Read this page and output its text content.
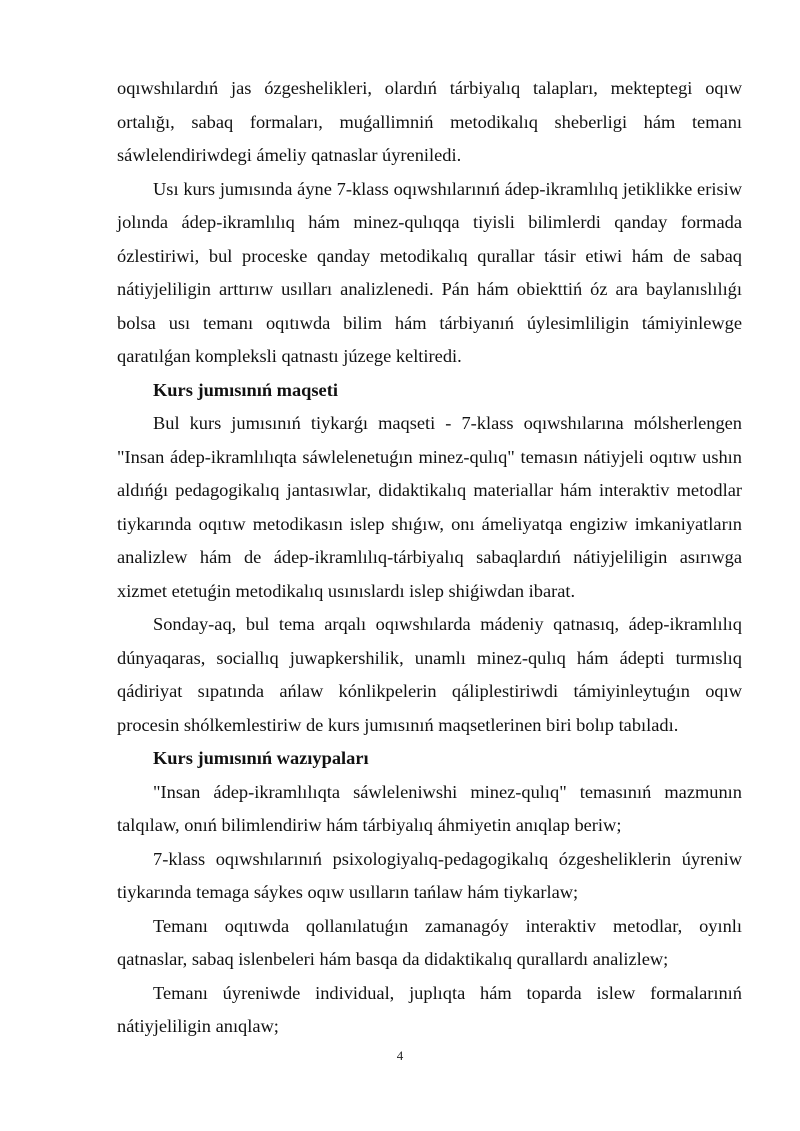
oqıwshılardıń jas ózgeshelikleri, olardıń tárbiyalıq talapları, mekteptegi oqıw ortalığı, sabaq formaları, muǵallimniń metodikalıq sheberligi hám temanı sáwlelendiriwdegi ámeliy qatnaslar úyreniledi.

Usı kurs jumısında áyne 7-klass oqıwshılarınıń ádep-ikramlılıq jetiklikke erisiw jolında ádep-ikramlılıq hám minez-qulıqqa tiyisli bilimlerdi qanday formada ózlestiriwi, bul proceske qanday metodikalıq qurallar tásir etiwi hám de sabaq nátiyjeliligin arttırıw usılları analizlenedi. Pán hám obiekttiń óz ara baylanıslılıǵı bolsa usı temanı oqıtıwda bilim hám tárbiyanıń úylesimliligin támiyinlewge qaratılǵan kompleksli qatnastı júzege keltiredi.

Kurs jumısınıń maqseti

Bul kurs jumısınıń tiykarǵı maqseti - 7-klass oqıwshılarına mólsherlengen "Insan ádep-ikramlılıqta sáwlelenetuǵın minez-qulıq" temasın nátiyjeli oqıtıw ushın aldıńǵı pedagogikalıq jantasıwlar, didaktikalıq materiallar hám interaktiv metodlar tiykarında oqıtıw metodikasın islep shıǵıw, onı ámeliyatqa engiziw imkaniyatların analizlew hám de ádep-ikramlılıq-tárbiyalıq sabaqlardıń nátiyjeliligin asırıwga xizmet etetuǵin metodikalıq usınıslardı islep shiǵiwdan ibarat.

Sonday-aq, bul tema arqalı oqıwshılarda mádeniy qatnasıq, ádep-ikramlılıq dúnyaqaras, sociallıq juwapkershilik, unamlı minez-qulıq hám ádepti turmıslıq qádiriyat sıpatında ańlaw kónlikpelerin qáliplestiriwdi támiyinleytuǵın oqıw procesin shólkemlestiriw de kurs jumısınıń maqsetlerinen biri bolıp tabıladı.

Kurs jumısınıń wazıypaları

"Insan ádep-ikramlılıqta sáwleleniwshi minez-qulıq" temasınıń mazmunın talqılaw, onıń bilimlendiriw hám tárbiyalıq áhmiyetin anıqlap beriw;

7-klass oqıwshılarınıń psixologiyalıq-pedagogikalıq ózgesheliklerin úyreniw tiykarında temaga sáykes oqıw usılların tańlaw hám tiykarlaw;

Temanı oqıtıwda qollanılatuǵın zamanagóy interaktiv metodlar, oyınlı qatnaslar, sabaq islenbeleri hám basqa da didaktikalıq qurallardı analizlew;

Temanı úyreniwde individual, juplıqta hám toparda islew formalarınıń nátiyjeliligin anıqlaw;

4
